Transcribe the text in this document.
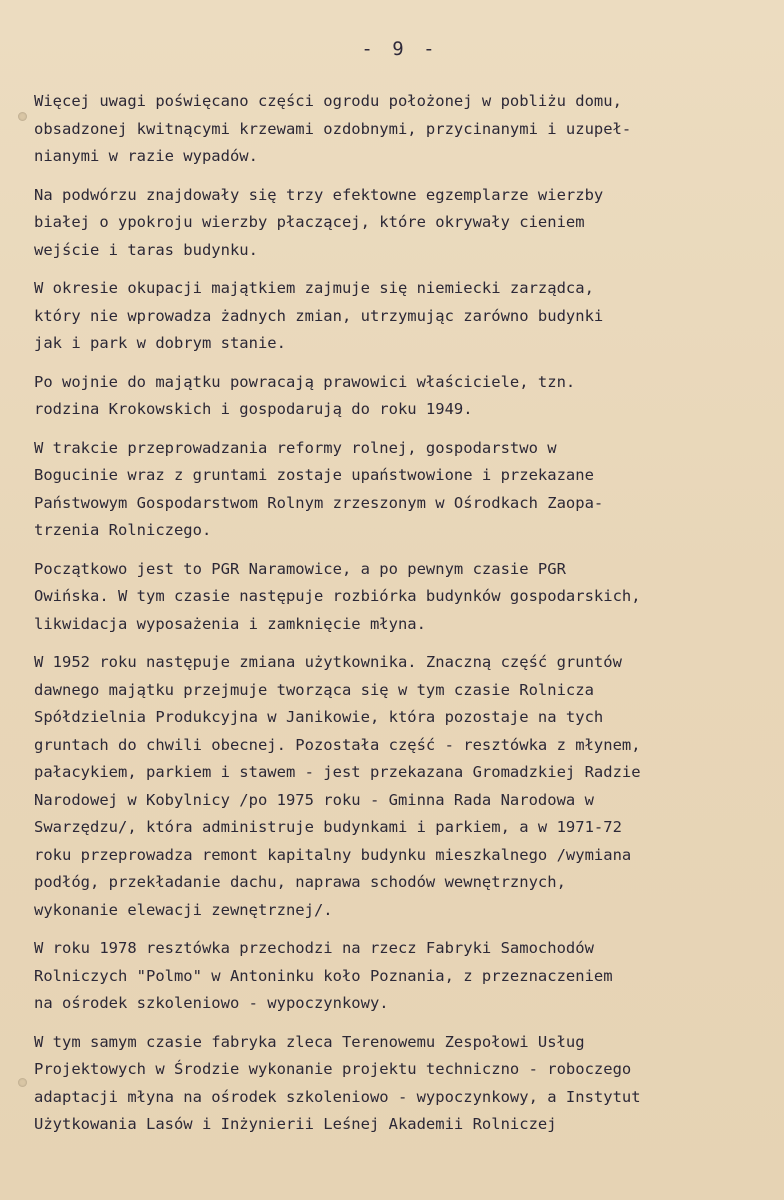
- 9 -
Więcej uwagi poświęcano części ogrodu położonej w pobliżu domu,
obsadzonej kwitnącymi krzewami ozdobnymi, przycinanymi i uzupeł-
nianymi w razie wypadów.
Na podwórzu znajdowały się trzy efektowne egzemplarze wierzby
białej o ypokroju wierzby płaczącej, które okrywały cieniem
wejście i taras budynku.
W okresie okupacji majątkiem zajmuje się niemiecki zarządca,
który nie wprowadza żadnych zmian, utrzymując zarówno budynki
jak i park w dobrym stanie.
Po wojnie do majątku powracają prawowici właściciele, tzn.
rodzina Krokowskich i gospodarują do roku 1949.
W trakcie przeprowadzania reformy rolnej, gospodarstwo w
Bogucinie wraz z gruntami zostaje upaństwowione i przekazane
Państwowym Gospodarstwom Rolnym zrzeszonym w Ośrodkach Zaopa-
trzenia Rolniczego.
Początkowo jest to PGR Naramowice, a po pewnym czasie PGR
Owińska. W tym czasie następuje rozbiórka budynków gospodarskich,
likwidacja wyposażenia i zamknięcie młyna.
W 1952 roku następuje zmiana użytkownika. Znaczną część gruntów
dawnego majątku przejmuje tworząca się w tym czasie Rolnicza
Spółdzielnia Produkcyjna w Janikowie, która pozostaje na tych
gruntach do chwili obecnej. Pozostała część - resztówka z młynem,
pałacykiem, parkiem i stawem - jest przekazana Gromadzkiej Radzie
Narodowej w Kobylnicy /po 1975 roku - Gminna Rada Narodowa w
Swarzędzu/, która administruje budynkami i parkiem, a w 1971-72
roku przeprowadza remont kapitalny budynku mieszkalnego /wymiana
podłóg, przekładanie dachu, naprawa schodów wewnętrznych,
wykonanie elewacji zewnętrznej/.
W roku 1978 resztówka przechodzi na rzecz Fabryki Samochodów
Rolniczych "Polmo" w Antoninku koło Poznania, z przeznaczeniem
na ośrodek szkoleniowo - wypoczynkowy.
W tym samym czasie fabryka zleca Terenowemu Zespołowi Usług
Projektowych w Środzie wykonanie projektu techniczno - roboczego
adaptacji młyna na ośrodek szkoleniowo - wypoczynkowy, a Instytut
Użytkowania Lasów i Inżynierii Leśnej Akademii Rolniczej
